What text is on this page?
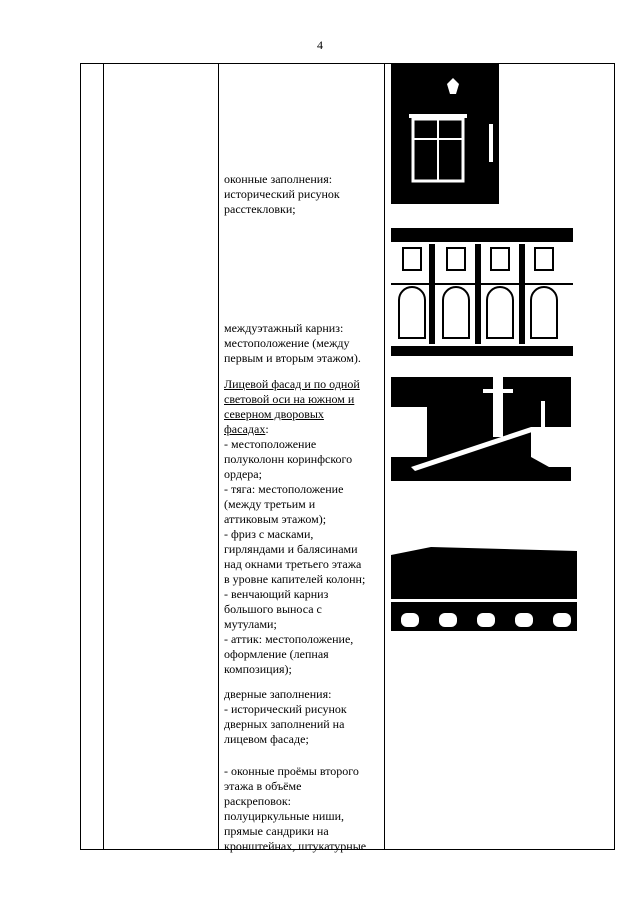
4

оконные заполнения:

исторический рисунок

расстекловки;

междуэтажный карниз:

местоположение (между

первым и вторым этажом).

Лицевой фасад и по одной

световой оси на южном и

северном дворовых

фасадах:

- местоположение

полуколонн коринфского

ордера;

- тяга: местоположение

(между третьим и

аттиковым этажом);

- фриз с масками,

гирляндами и балясинами

над окнами третьего этажа

в уровне капителей колонн;

- венчающий карниз

большого выноса с

мутулами;

- аттик: местоположение,

оформление (лепная

композиция);

дверные заполнения:

- исторический рисунок

дверных заполнений на

лицевом фасаде;

- оконные проёмы второго

этажа в объёме

раскреповок:

полуциркульные ниши,

прямые сандрики на

кронштейнах, штукатурные
